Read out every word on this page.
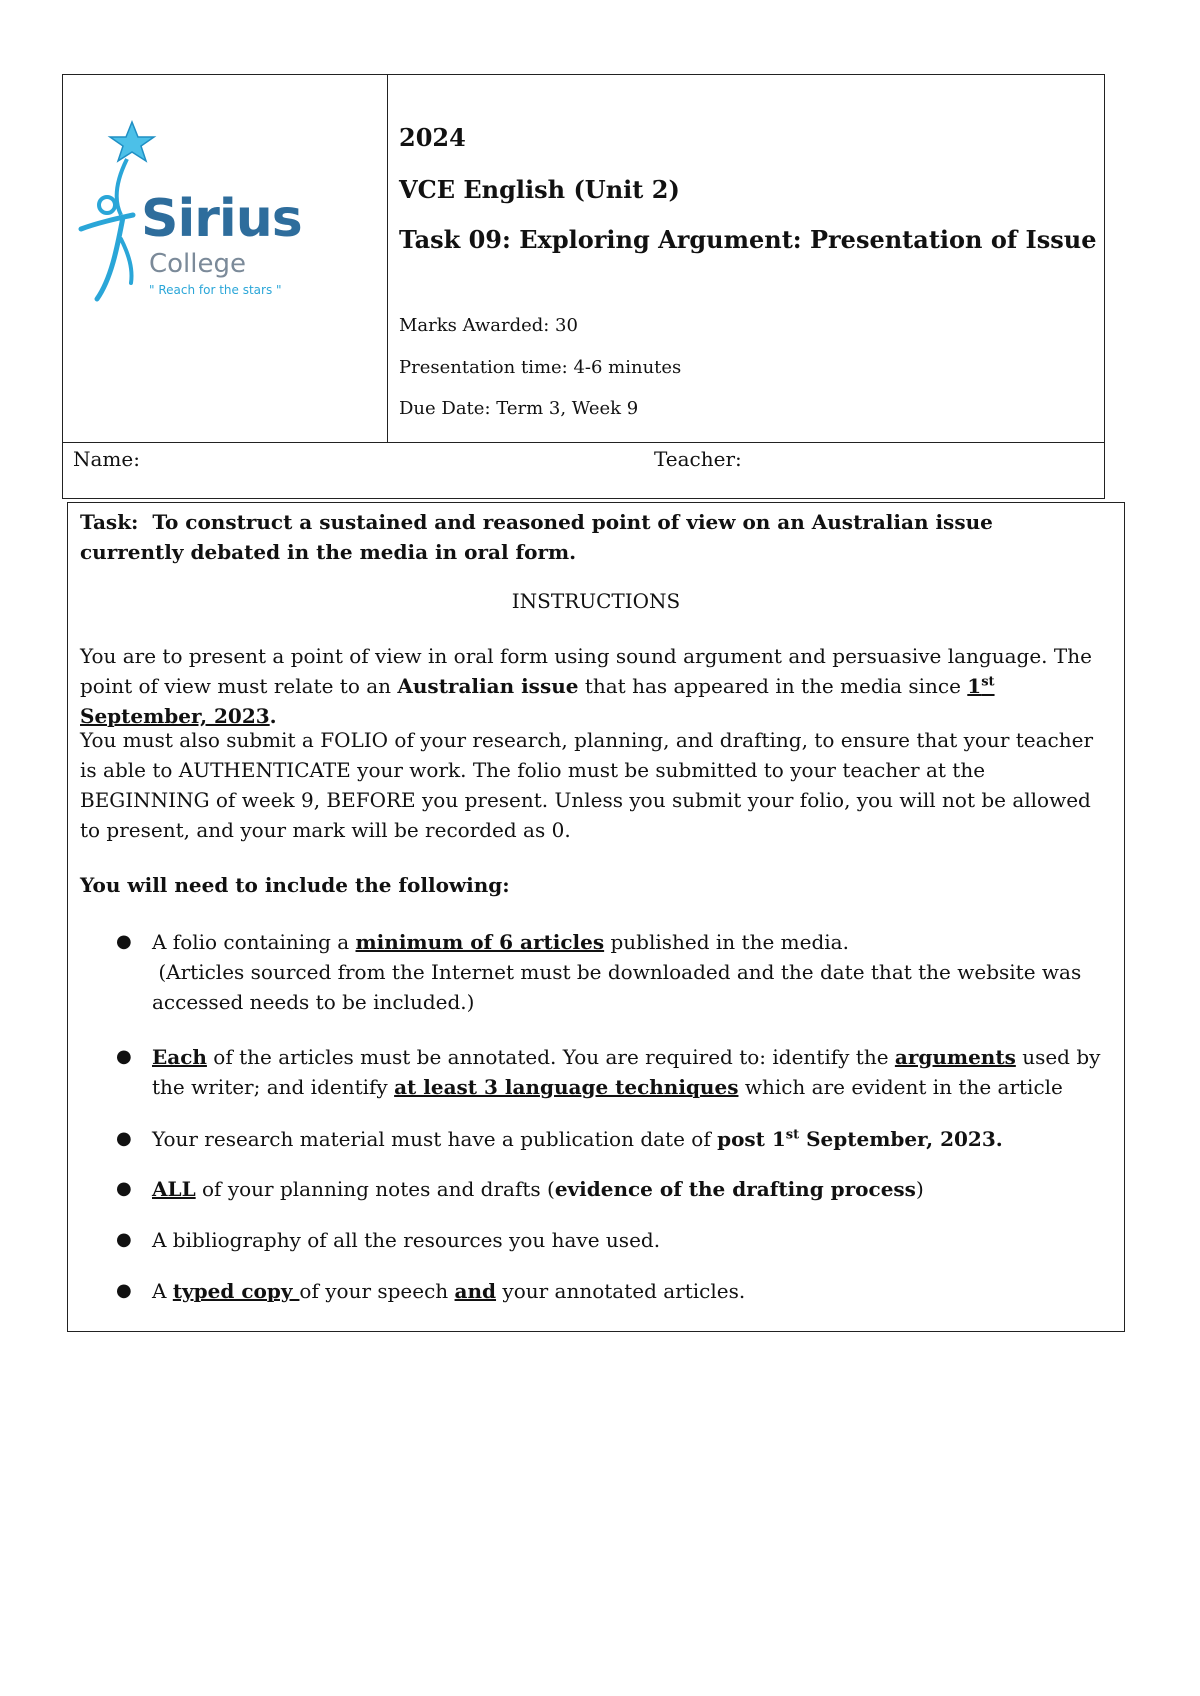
Sirius
College
" Reach for the stars "
2024
VCE English (Unit 2)
Task 09: Exploring Argument: Presentation of Issue
Marks Awarded: 30
Presentation time: 4-6 minutes
Due Date: Term 3, Week 9
Name:	Teacher:
Task: To construct a sustained and reasoned point of view on an Australian issue currently debated in the media in oral form.
INSTRUCTIONS
You are to present a point of view in oral form using sound argument and persuasive language. The point of view must relate to an Australian issue that has appeared in the media since 1st September, 2023.
You must also submit a FOLIO of your research, planning, and drafting, to ensure that your teacher is able to AUTHENTICATE your work. The folio must be submitted to your teacher at the BEGINNING of week 9, BEFORE you present. Unless you submit your folio, you will not be allowed to present, and your mark will be recorded as 0.
You will need to include the following:
●	A folio containing a minimum of 6 articles published in the media.
(Articles sourced from the Internet must be downloaded and the date that the website was accessed needs to be included.)
●	Each of the articles must be annotated. You are required to: identify the arguments used by the writer; and identify at least 3 language techniques which are evident in the article
●	Your research material must have a publication date of post 1st September, 2023.
●	ALL of your planning notes and drafts (evidence of the drafting process)
●	A bibliography of all the resources you have used.
●	A typed copy of your speech and your annotated articles.
